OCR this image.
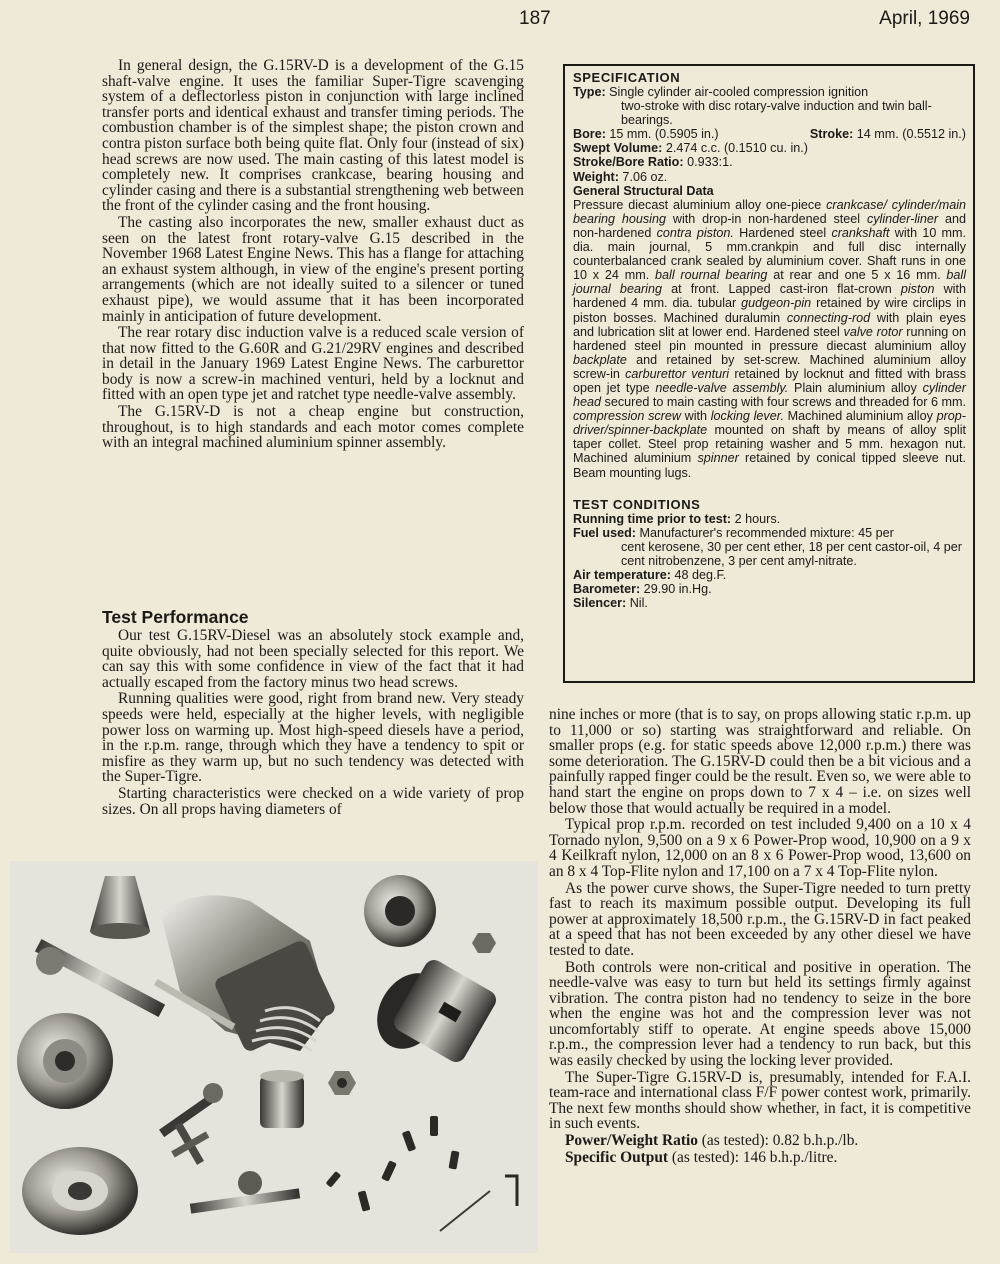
187	April, 1969

In general design, the G.15RV-D is a development of the G.15 shaft-valve engine. It uses the familiar Super-Tigre scavenging system of a deflectorless piston in conjunction with large inclined transfer ports and identical exhaust and transfer timing periods. The combustion chamber is of the simplest shape; the piston crown and contra piston surface both being quite flat. Only four (instead of six) head screws are now used. The main casting of this latest model is completely new. It comprises crankcase, bearing housing and cylinder casing and there is a substantial strengthening web between the front of the cylinder casing and the front housing.

The casting also incorporates the new, smaller exhaust duct as seen on the latest front rotary-valve G.15 described in the November 1968 Latest Engine News. This has a flange for attaching an exhaust system although, in view of the engine's present porting arrangements (which are not ideally suited to a silencer or tuned exhaust pipe), we would assume that it has been incorporated mainly in anticipation of future development.

The rear rotary disc induction valve is a reduced scale version of that now fitted to the G.60R and G.21/29RV engines and described in detail in the January 1969 Latest Engine News. The carburettor body is now a screw-in machined venturi, held by a locknut and fitted with an open type jet and ratchet type needle-valve assembly.

The G.15RV-D is not a cheap engine but construction, throughout, is to high standards and each motor comes complete with an integral machined aluminium spinner assembly.

Test Performance

Our test G.15RV-Diesel was an absolutely stock example and, quite obviously, had not been specially selected for this report. We can say this with some confidence in view of the fact that it had actually escaped from the factory minus two head screws.

Running qualities were good, right from brand new. Very steady speeds were held, especially at the higher levels, with negligible power loss on warming up. Most high-speed diesels have a period, in the r.p.m. range, through which they have a tendency to spit or misfire as they warm up, but no such tendency was detected with the Super-Tigre.

Starting characteristics were checked on a wide variety of prop sizes. On all props having diameters of

SPECIFICATION
Type: Single cylinder air-cooled compression ignition
two-stroke with disc rotary-valve induction and twin ball-bearings.
Bore: 15 mm. (0.5905 in.)	Stroke: 14 mm. (0.5512 in.)
Swept Volume: 2.474 c.c. (0.1510 cu. in.)
Stroke/Bore Ratio: 0.933:1.
Weight: 7.06 oz.
General Structural Data
Pressure diecast aluminium alloy one-piece crankcase/ cylinder/main bearing housing with drop-in non-hardened steel cylinder-liner and non-hardened contra piston. Hardened steel crankshaft with 10 mm. dia. main journal, 5 mm.crankpin and full disc internally counterbalanced crank sealed by aluminium cover. Shaft runs in one 10 x 24 mm. ball rournal bearing at rear and one 5 x 16 mm. ball journal bearing at front. Lapped cast-iron flat-crown piston with hardened 4 mm. dia. tubular gudgeon-pin retained by wire circlips in piston bosses. Machined duralumin connecting-rod with plain eyes and lubrication slit at lower end. Hardened steel valve rotor running on hardened steel pin mounted in pressure diecast aluminium alloy backplate and retained by set-screw. Machined aluminium alloy screw-in carburettor venturi retained by locknut and fitted with brass open jet type needle-valve assembly. Plain aluminium alloy cylinder head secured to main casting with four screws and threaded for 6 mm. compression screw with locking lever. Machined aluminium alloy prop-driver/spinner-backplate mounted on shaft by means of alloy split taper collet. Steel prop retaining washer and 5 mm. hexagon nut. Machined aluminium spinner retained by conical tipped sleeve nut. Beam mounting lugs.
TEST CONDITIONS
Running time prior to test: 2 hours.
Fuel used: Manufacturer's recommended mixture: 45 per
cent kerosene, 30 per cent ether, 18 per cent castor-oil, 4 per cent nitrobenzene, 3 per cent amyl-nitrate.
Air temperature: 48 deg.F.
Barometer: 29.90 in.Hg.
Silencer: Nil.

nine inches or more (that is to say, on props allowing static r.p.m. up to 11,000 or so) starting was straightforward and reliable. On smaller props (e.g. for static speeds above 12,000 r.p.m.) there was some deterioration. The G.15RV-D could then be a bit vicious and a painfully rapped finger could be the result. Even so, we were able to hand start the engine on props down to 7 x 4 – i.e. on sizes well below those that would actually be required in a model.

Typical prop r.p.m. recorded on test included 9,400 on a 10 x 4 Tornado nylon, 9,500 on a 9 x 6 Power-Prop wood, 10,900 on a 9 x 4 Keilkraft nylon, 12,000 on an 8 x 6 Power-Prop wood, 13,600 on an 8 x 4 Top-Flite nylon and 17,100 on a 7 x 4 Top-Flite nylon.

As the power curve shows, the Super-Tigre needed to turn pretty fast to reach its maximum possible output. Developing its full power at approximately 18,500 r.p.m., the G.15RV-D in fact peaked at a speed that has not been exceeded by any other diesel we have tested to date.

Both controls were non-critical and positive in operation. The needle-valve was easy to turn but held its settings firmly against vibration. The contra piston had no tendency to seize in the bore when the engine was hot and the compression lever was not uncomfortably stiff to operate. At engine speeds above 15,000 r.p.m., the compression lever had a tendency to run back, but this was easily checked by using the locking lever provided.

The Super-Tigre G.15RV-D is, presumably, intended for F.A.I. team-race and international class F/F power contest work, primarily. The next few months should show whether, in fact, it is competitive in such events.

Power/Weight Ratio (as tested): 0.82 b.h.p./lb.

Specific Output (as tested): 146 b.h.p./litre.
